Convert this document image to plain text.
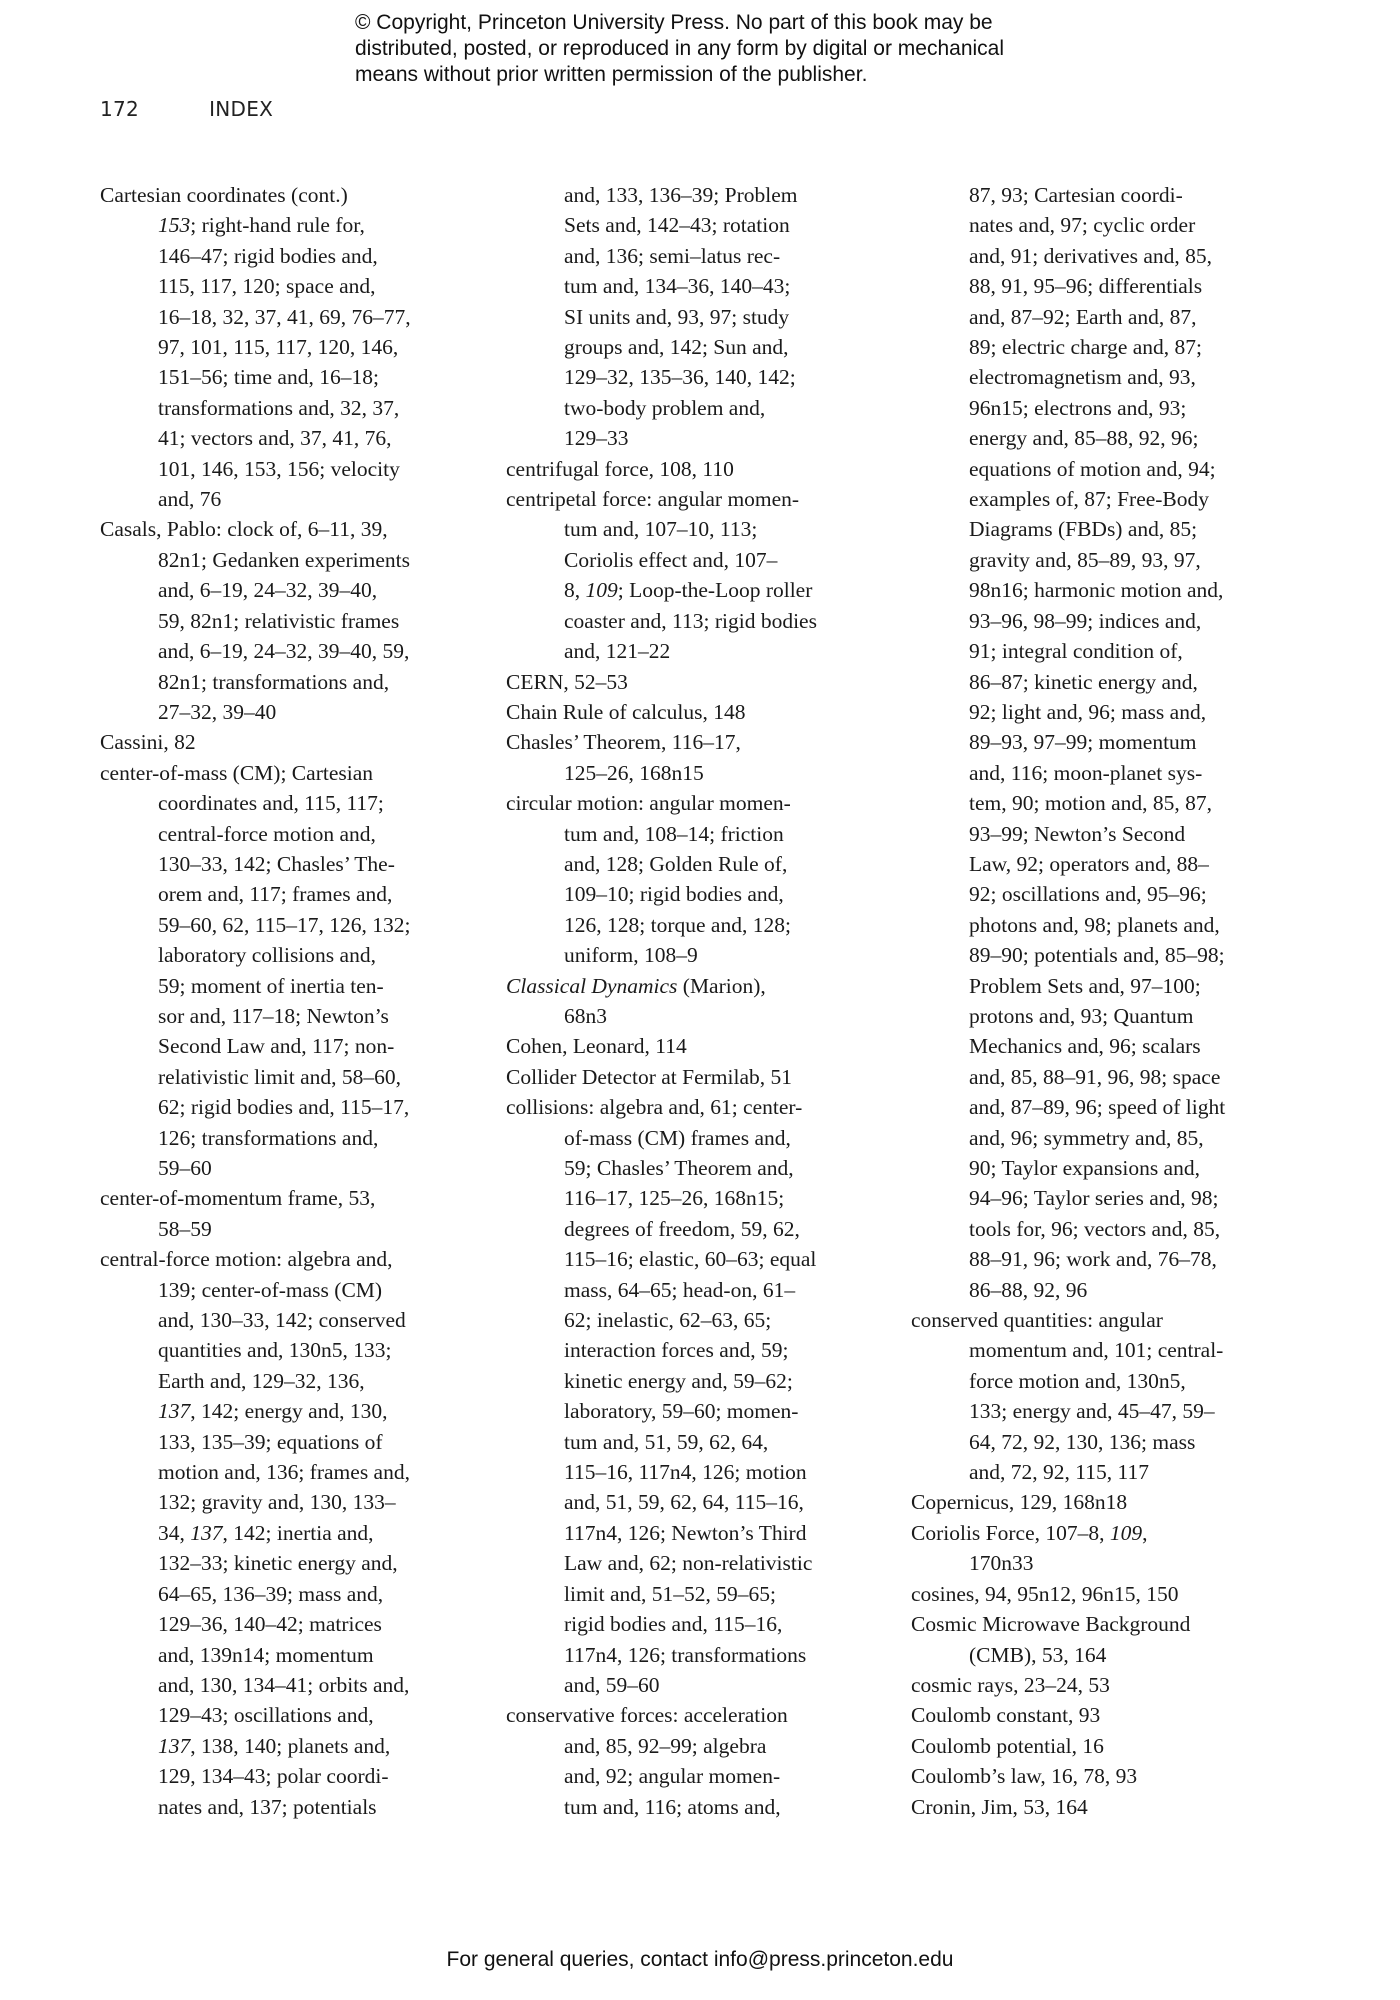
© Copyright, Princeton University Press. No part of this book may be
distributed, posted, or reproduced in any form by digital or mechanical
means without prior written permission of the publisher.
172	INDEX
Cartesian coordinates (cont.)
153; right-hand rule for,
146–47; rigid bodies and,
115, 117, 120; space and,
16–18, 32, 37, 41, 69, 76–77,
97, 101, 115, 117, 120, 146,
151–56; time and, 16–18;
transformations and, 32, 37,
41; vectors and, 37, 41, 76,
101, 146, 153, 156; velocity
and, 76
Casals, Pablo: clock of, 6–11, 39,
82n1; Gedanken experiments
and, 6–19, 24–32, 39–40,
59, 82n1; relativistic frames
and, 6–19, 24–32, 39–40, 59,
82n1; transformations and,
27–32, 39–40
Cassini, 82
center-of-mass (CM); Cartesian
coordinates and, 115, 117;
central-force motion and,
130–33, 142; Chasles’ The-
orem and, 117; frames and,
59–60, 62, 115–17, 126, 132;
laboratory collisions and,
59; moment of inertia ten-
sor and, 117–18; Newton’s
Second Law and, 117; non-
relativistic limit and, 58–60,
62; rigid bodies and, 115–17,
126; transformations and,
59–60
center-of-momentum frame, 53,
58–59
central-force motion: algebra and,
139; center-of-mass (CM)
and, 130–33, 142; conserved
quantities and, 130n5, 133;
Earth and, 129–32, 136,
137, 142; energy and, 130,
133, 135–39; equations of
motion and, 136; frames and,
132; gravity and, 130, 133–
34, 137, 142; inertia and,
132–33; kinetic energy and,
64–65, 136–39; mass and,
129–36, 140–42; matrices
and, 139n14; momentum
and, 130, 134–41; orbits and,
129–43; oscillations and,
137, 138, 140; planets and,
129, 134–43; polar coordi-
nates and, 137; potentials
and, 133, 136–39; Problem
Sets and, 142–43; rotation
and, 136; semi–latus rec-
tum and, 134–36, 140–43;
SI units and, 93, 97; study
groups and, 142; Sun and,
129–32, 135–36, 140, 142;
two-body problem and,
129–33
centrifugal force, 108, 110
centripetal force: angular momen-
tum and, 107–10, 113;
Coriolis effect and, 107–
8, 109; Loop-the-Loop roller
coaster and, 113; rigid bodies
and, 121–22
CERN, 52–53
Chain Rule of calculus, 148
Chasles’ Theorem, 116–17,
125–26, 168n15
circular motion: angular momen-
tum and, 108–14; friction
and, 128; Golden Rule of,
109–10; rigid bodies and,
126, 128; torque and, 128;
uniform, 108–9
Classical Dynamics (Marion),
68n3
Cohen, Leonard, 114
Collider Detector at Fermilab, 51
collisions: algebra and, 61; center-
of-mass (CM) frames and,
59; Chasles’ Theorem and,
116–17, 125–26, 168n15;
degrees of freedom, 59, 62,
115–16; elastic, 60–63; equal
mass, 64–65; head-on, 61–
62; inelastic, 62–63, 65;
interaction forces and, 59;
kinetic energy and, 59–62;
laboratory, 59–60; momen-
tum and, 51, 59, 62, 64,
115–16, 117n4, 126; motion
and, 51, 59, 62, 64, 115–16,
117n4, 126; Newton’s Third
Law and, 62; non-relativistic
limit and, 51–52, 59–65;
rigid bodies and, 115–16,
117n4, 126; transformations
and, 59–60
conservative forces: acceleration
and, 85, 92–99; algebra
and, 92; angular momen-
tum and, 116; atoms and,
87, 93; Cartesian coordi-
nates and, 97; cyclic order
and, 91; derivatives and, 85,
88, 91, 95–96; differentials
and, 87–92; Earth and, 87,
89; electric charge and, 87;
electromagnetism and, 93,
96n15; electrons and, 93;
energy and, 85–88, 92, 96;
equations of motion and, 94;
examples of, 87; Free-Body
Diagrams (FBDs) and, 85;
gravity and, 85–89, 93, 97,
98n16; harmonic motion and,
93–96, 98–99; indices and,
91; integral condition of,
86–87; kinetic energy and,
92; light and, 96; mass and,
89–93, 97–99; momentum
and, 116; moon-planet sys-
tem, 90; motion and, 85, 87,
93–99; Newton’s Second
Law, 92; operators and, 88–
92; oscillations and, 95–96;
photons and, 98; planets and,
89–90; potentials and, 85–98;
Problem Sets and, 97–100;
protons and, 93; Quantum
Mechanics and, 96; scalars
and, 85, 88–91, 96, 98; space
and, 87–89, 96; speed of light
and, 96; symmetry and, 85,
90; Taylor expansions and,
94–96; Taylor series and, 98;
tools for, 96; vectors and, 85,
88–91, 96; work and, 76–78,
86–88, 92, 96
conserved quantities: angular
momentum and, 101; central-
force motion and, 130n5,
133; energy and, 45–47, 59–
64, 72, 92, 130, 136; mass
and, 72, 92, 115, 117
Copernicus, 129, 168n18
Coriolis Force, 107–8, 109,
170n33
cosines, 94, 95n12, 96n15, 150
Cosmic Microwave Background
(CMB), 53, 164
cosmic rays, 23–24, 53
Coulomb constant, 93
Coulomb potential, 16
Coulomb’s law, 16, 78, 93
Cronin, Jim, 53, 164
For general queries, contact info@press.princeton.edu
